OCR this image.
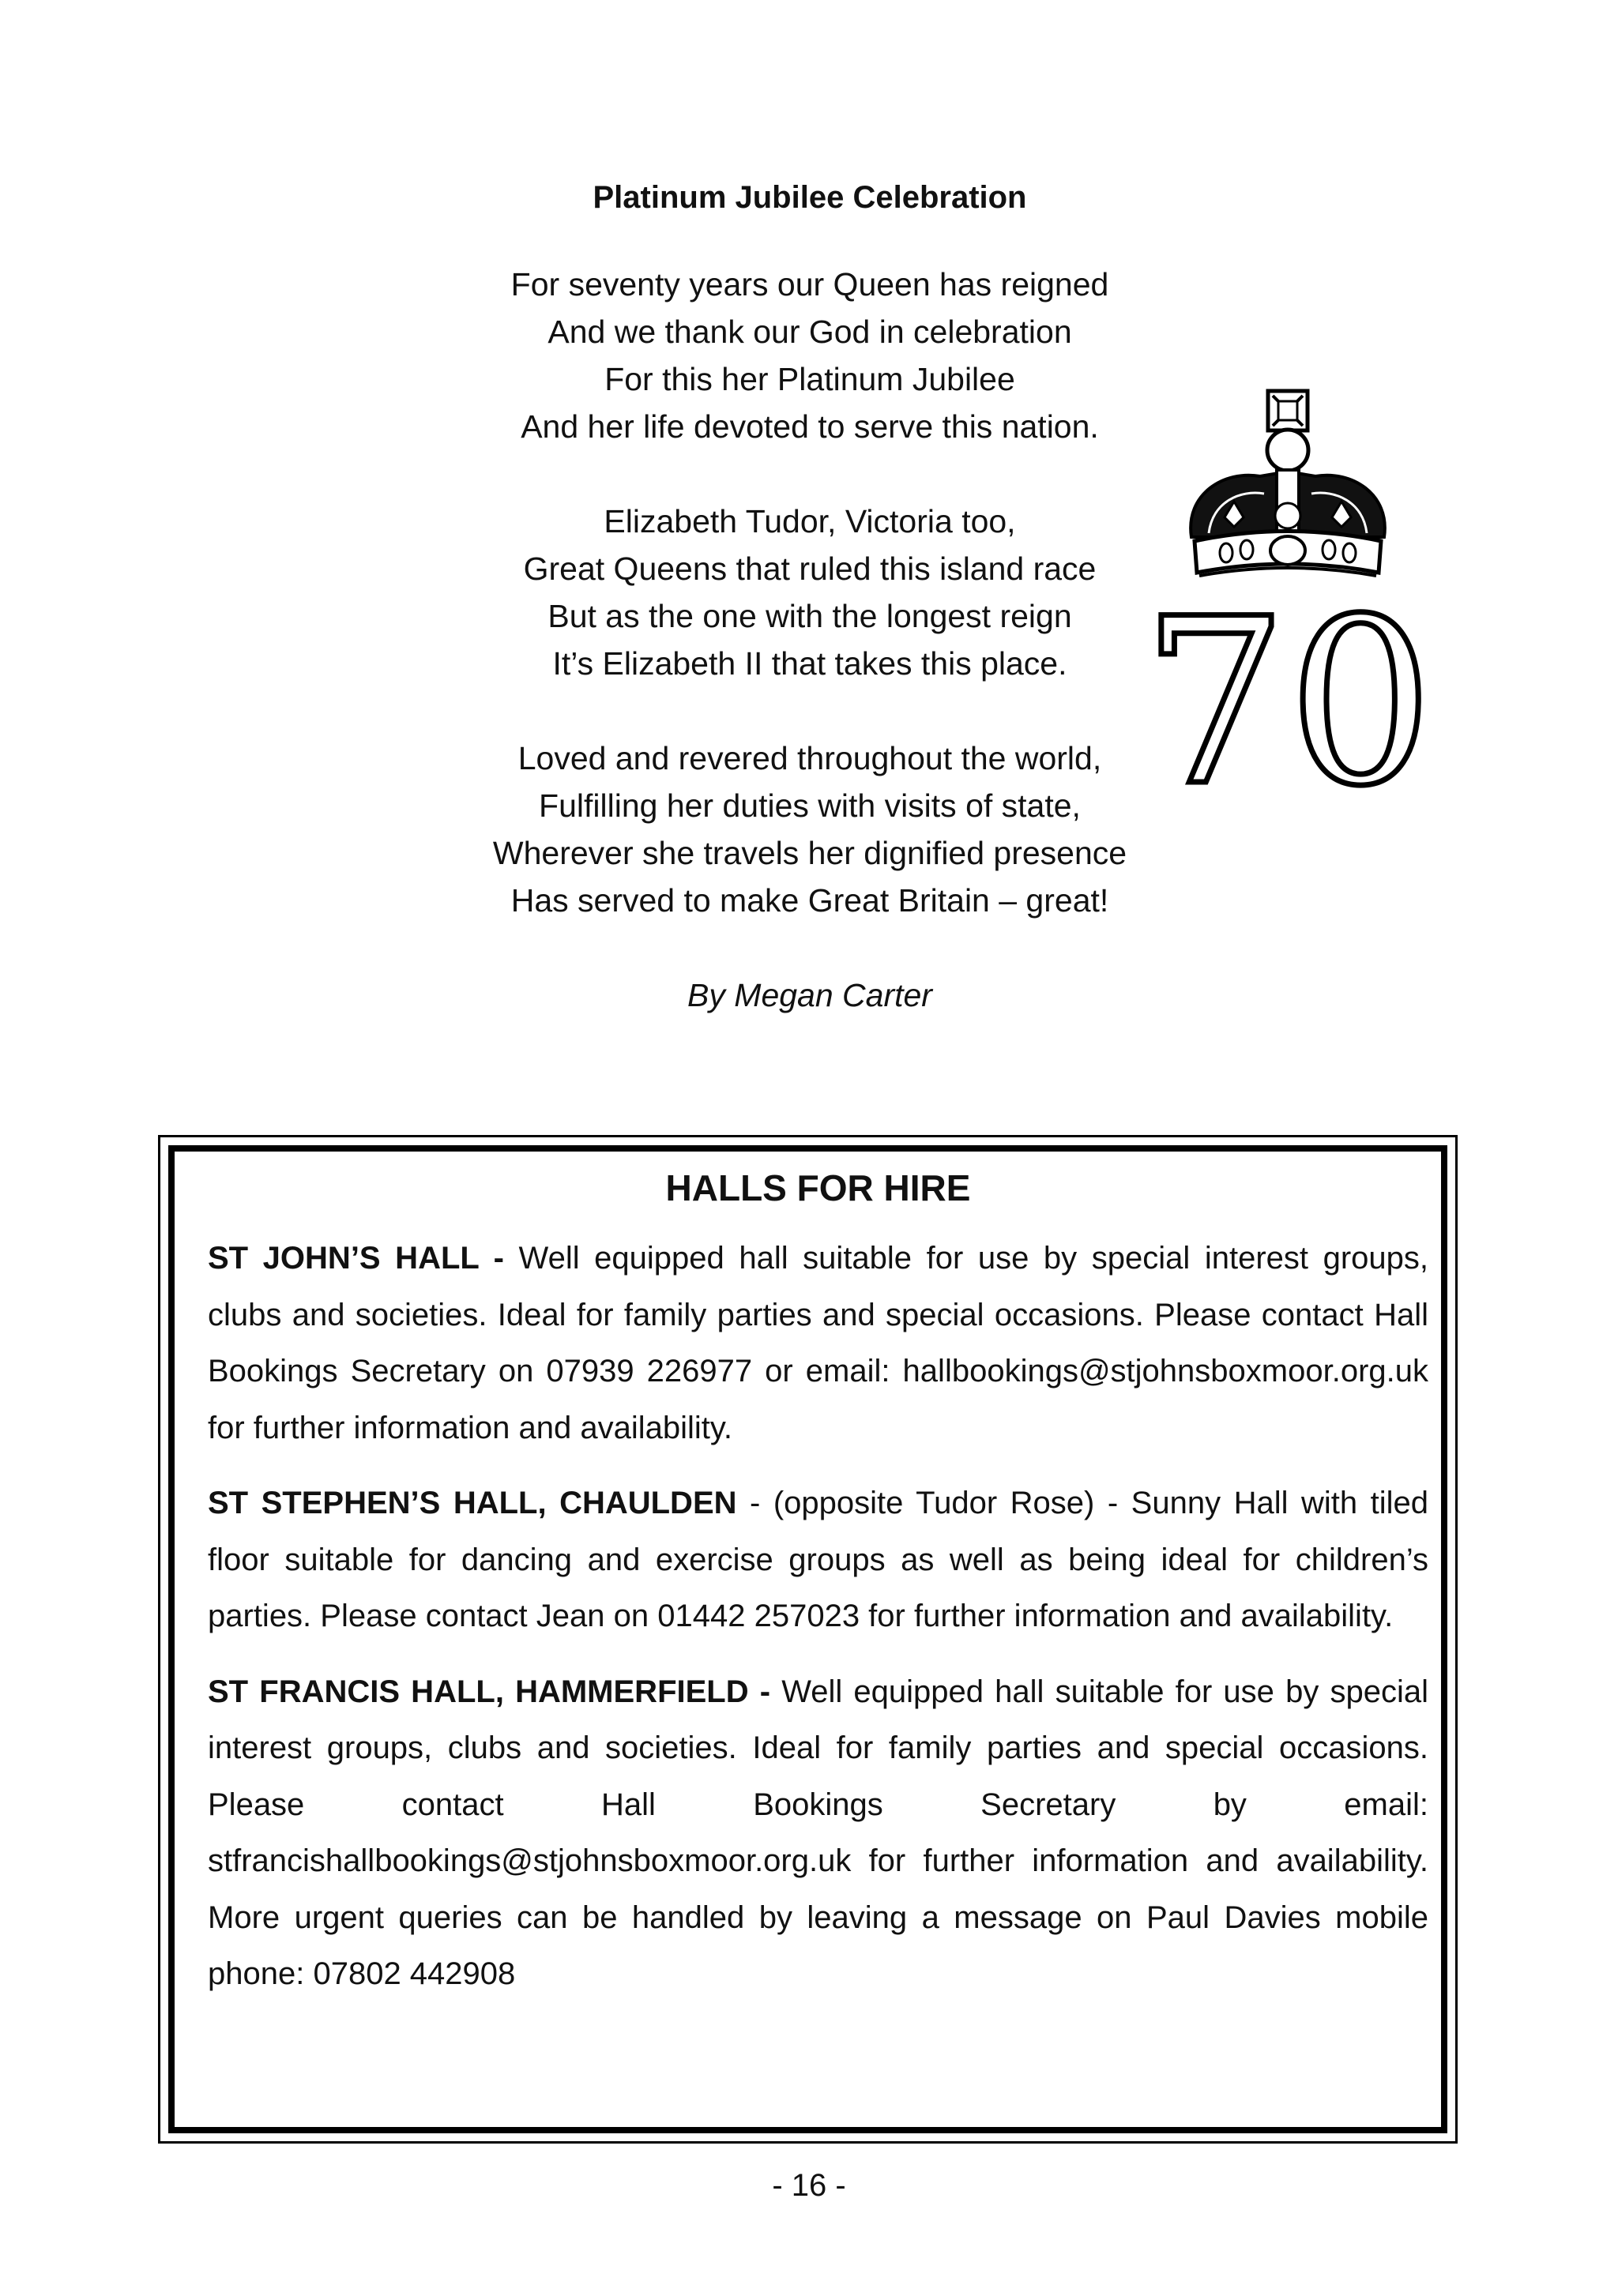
Platinum Jubilee Celebration
For seventy years our Queen has reigned
And we thank our God in celebration
For this her Platinum Jubilee
And her life devoted to serve this nation.
Elizabeth Tudor, Victoria too,
Great Queens that ruled this island race
But as the one with the longest reign
It’s Elizabeth II that takes this place.
Loved and revered throughout the world,
Fulfilling her duties with visits of state,
Wherever she travels her dignified presence
Has served to make Great Britain – great!
By Megan Carter
70
HALLS FOR HIRE

ST JOHN’S HALL - Well equipped hall suitable for use by special interest groups, clubs and societies. Ideal for family parties and special occasions. Please contact Hall Bookings Secretary on 07939 226977 or email: hallbookings@stjohnsboxmoor.org.uk for further information and availability.

ST STEPHEN’S HALL, CHAULDEN - (opposite Tudor Rose) - Sunny Hall with tiled floor suitable for dancing and exercise groups as well as being ideal for children’s parties. Please contact Jean on 01442 257023 for further information and availability.

ST FRANCIS HALL, HAMMERFIELD - Well equipped hall suitable for use by special interest groups, clubs and societies. Ideal for family parties and special occasions. Please contact Hall Bookings Secretary by email: stfrancishallbookings@stjohnsboxmoor.org.uk for further information and availability. More urgent queries can be handled by leaving a message on Paul Davies mobile phone: 07802 442908

- 16 -
